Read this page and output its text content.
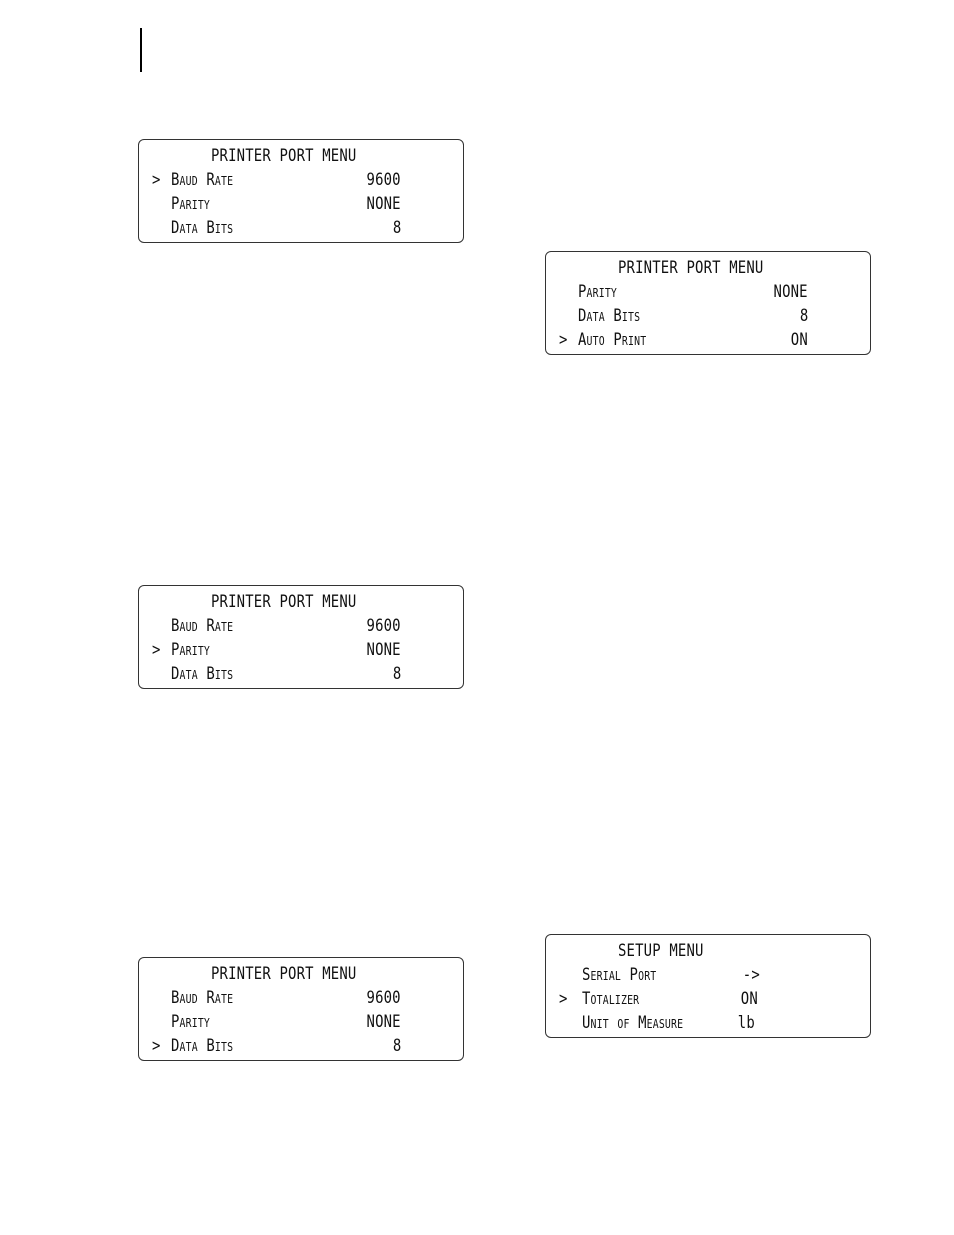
PRINTER PORT MENU
> Baud Rate	9600
Parity	NONE
Data Bits	8
PRINTER PORT MENU
Parity	NONE
Data Bits	8
> Auto Print	ON
PRINTER PORT MENU
Baud Rate	9600
> Parity	NONE
Data Bits	8
PRINTER PORT MENU
Baud Rate	9600
Parity	NONE
> Data Bits	8
SETUP MENU
Serial Port	->
> Totalizer	ON
Unit of Measure	lb
